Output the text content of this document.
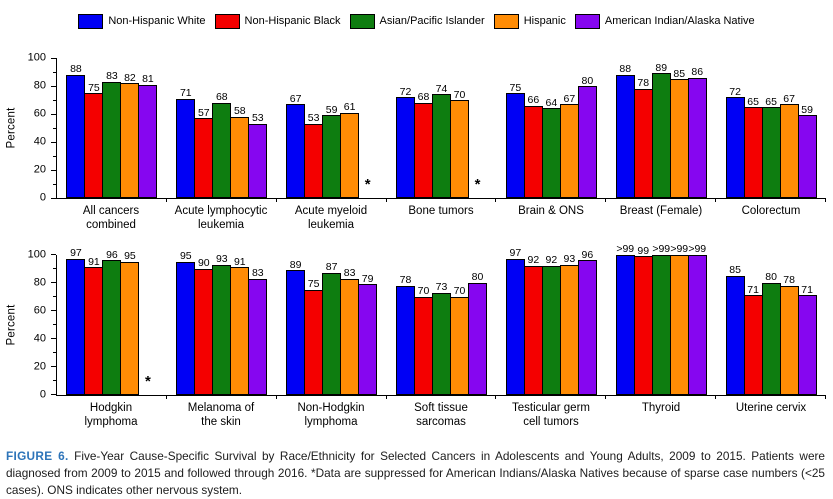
Non-Hispanic White	Non-Hispanic Black	Asian/Pacific Islander	Hispanic	American Indian/Alaska Native
Percent
0
20
40
60
80
100
88
75
83 82 81
71
57
68
58
53
67
53
59 61
*
72 68
74 70
*
75
66 64 67
80
88
78
89 85 86
72
65 65 67
59
All cancers
combined
Acute lymphocytic
leukemia
Acute myeloid
leukemia
Bone tumors	Brain & ONS	Breast (Female)	Colorectum
Percent
0
20
40
60
80
100 97
91
96 95
*
95
90 93 91
83
89
75
87 83 79 78
70 73 70
80
97
92 92 93 96 >99 99 >99 >99 >99
85
71
80 78
71
Hodgkin
lymphoma
Melanoma of
the skin
Non-Hodgkin
lymphoma
Soft tissue
sarcomas
Testicular germ
cell tumors
Thyroid	Uterine cervix

FIGURE 6. Five-Year Cause-Specific Survival by Race/Ethnicity for Selected Cancers in Adolescents and Young Adults, 2009 to 2015. Patients were diagnosed from 2009 to 2015 and followed through 2016. *Data are suppressed for American Indians/Alaska Natives because of sparse case numbers (<25 cases). ONS indicates other nervous system.
